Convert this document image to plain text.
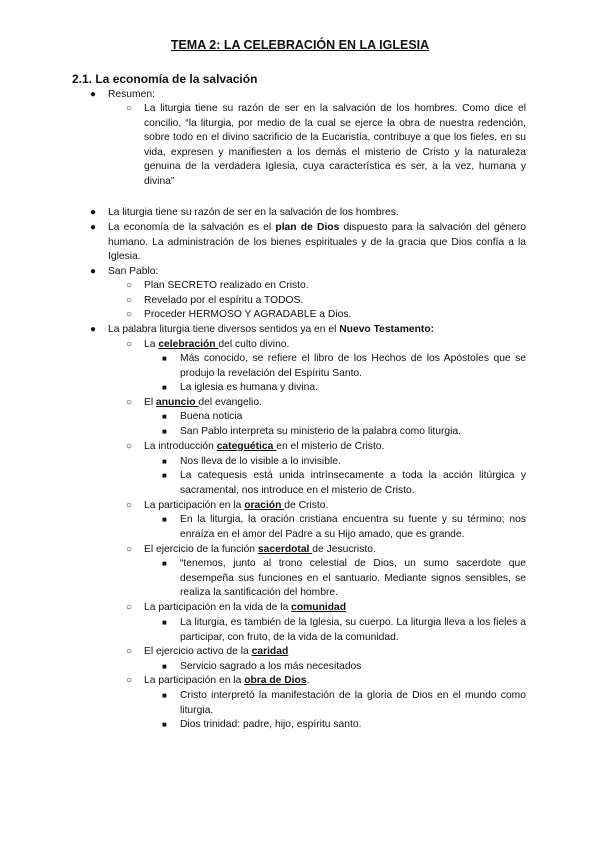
TEMA 2: LA CELEBRACIÓN EN LA IGLESIA
2.1. La economía de la salvación
● Resumen:
○ La liturgia tiene su razón de ser en la salvación de los hombres. Como dice el concilio, “la liturgia, por medio de la cual se ejerce la obra de nuestra redención, sobre todo en el divino sacrificio de la Eucaristía, contribuye a que los fieles, en su vida, expresen y manifiesten a los demás el misterio de Cristo y la naturaleza genuina de la verdadera Iglesia, cuya característica es ser, a la vez, humana y divina”
● La liturgia tiene su razón de ser en la salvación de los hombres.
● La economía de la salvación es el plan de Dios dispuesto para la salvación del género humano. La administración de los bienes espirituales y de la gracia que Dios confía a la Iglesia.
● San Pablo:
○ Plan SECRETO realizado en Cristo.
○ Revelado por el espíritu a TODOS.
○ Proceder HERMOSO Y AGRADABLE a Dios.
● La palabra liturgia tiene diversos sentidos ya en el Nuevo Testamento:
○ La celebración del culto divino.
■ Más conocido, se refiere el libro de los Hechos de los Apóstoles que se produjo la revelación del Espíritu Santo.
■ La iglesia es humana y divina.
○ El anuncio del evangelio.
■ Buena noticia
■ San Pablo interpreta su ministerio de la palabra como liturgia.
○ La introducción categuética en el misterio de Cristo.
■ Nos lleva de lo visible a lo invisible.
■ La catequesis está unida intrínsecamente a toda la acción litúrgica y sacramental, nos introduce en el misterio de Cristo.
○ La participación en la oración de Cristo.
■ En la liturgia, la oración cristiana encuentra su fuente y su término; nos enraíza en el amor del Padre a su Hijo amado, que es grande.
○ El ejercicio de la función sacerdotal de Jesucristo.
■ “tenemos, junto al trono celestial de Dios, un sumo sacerdote que desempeña sus funciones en el santuario. Mediante signos sensibles, se realiza la santificación del hombre.
○ La participación en la vida de la comunidad
■ La liturgia, es también de la Iglesia, su cuerpo. La liturgia lleva a los fieles a participar, con fruto, de la vida de la comunidad.
○ El ejercicio activo de la caridad
■ Servicio sagrado a los más necesitados
○ La participación en la obra de Dios.
■ Cristo interpretó la manifestación de la gloria de Dios en el mundo como liturgia.
■ Dios trinidad: padre, hijo, espíritu santo.
